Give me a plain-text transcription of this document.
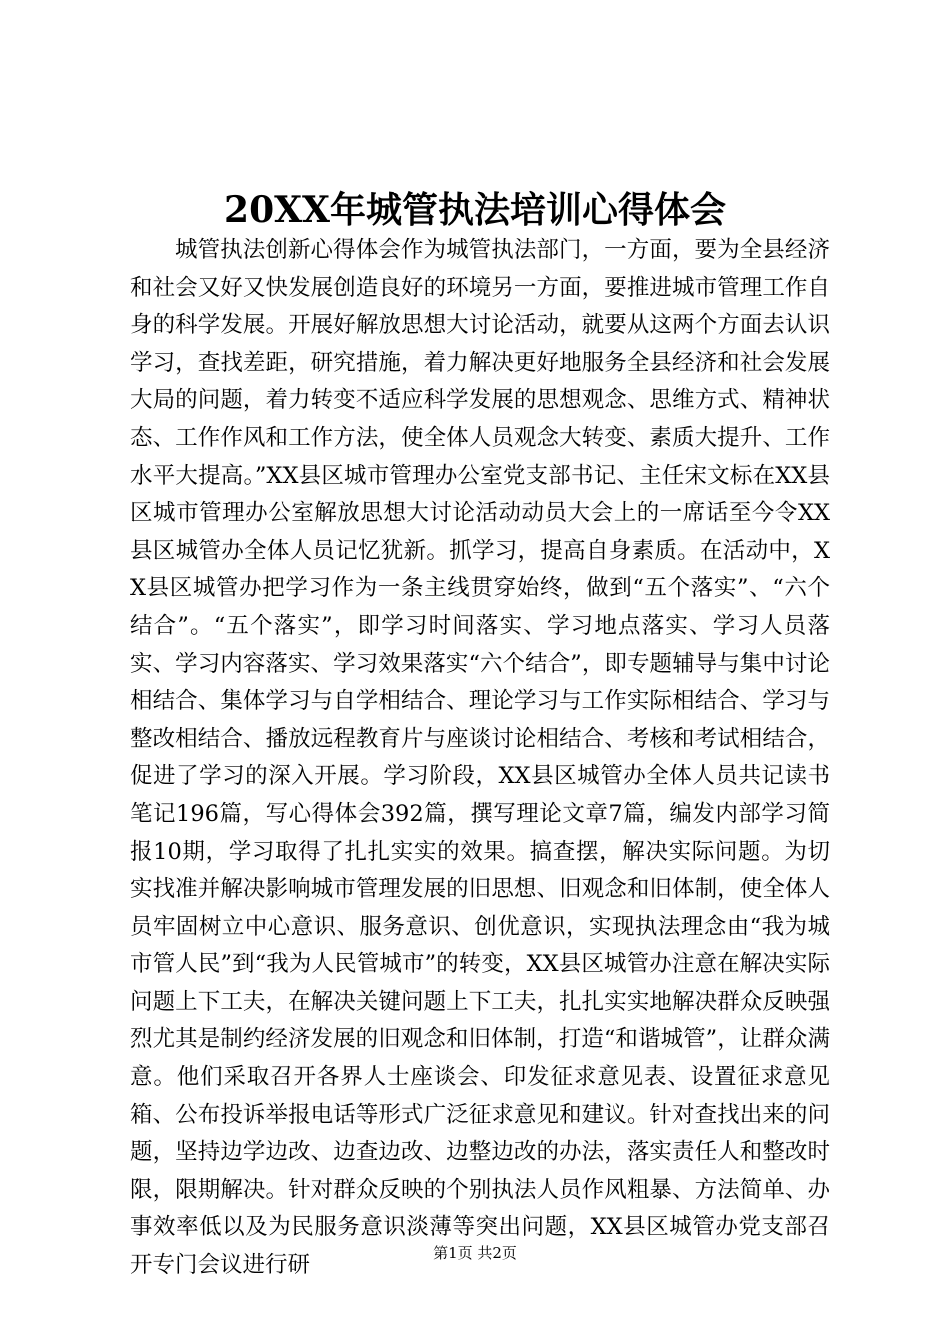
20XX年城管执法培训心得体会

城管执法创新心得体会作为城管执法部门，一方面，要为全县经济和社会又好又快发展创造良好的环境另一方面，要推进城市管理工作自身的科学发展。开展好解放思想大讨论活动，就要从这两个方面去认识学习，查找差距，研究措施，着力解决更好地服务全县经济和社会发展大局的问题，着力转变不适应科学发展的思想观念、思维方式、精神状态、工作作风和工作方法，使全体人员观念大转变、素质大提升、工作水平大提高。”XX县区城市管理办公室党支部书记、主任宋文标在XX县区城市管理办公室解放思想大讨论活动动员大会上的一席话至今令XX县区城管办全体人员记忆犹新。抓学习，提高自身素质。在活动中，XX县区城管办把学习作为一条主线贯穿始终，做到“五个落实”、“六个结合”。“五个落实”，即学习时间落实、学习地点落实、学习人员落实、学习内容落实、学习效果落实“六个结合”，即专题辅导与集中讨论相结合、集体学习与自学相结合、理论学习与工作实际相结合、学习与整改相结合、播放远程教育片与座谈讨论相结合、考核和考试相结合，促进了学习的深入开展。学习阶段，XX县区城管办全体人员共记读书笔记196篇，写心得体会392篇，撰写理论文章7篇，编发内部学习简报10期，学习取得了扎扎实实的效果。搞查摆，解决实际问题。为切实找准并解决影响城市管理发展的旧思想、旧观念和旧体制，使全体人员牢固树立中心意识、服务意识、创优意识，实现执法理念由“我为城市管人民”到“我为人民管城市”的转变，XX县区城管办注意在解决实际问题上下工夫，在解决关键问题上下工夫，扎扎实实地解决群众反映强烈尤其是制约经济发展的旧观念和旧体制，打造“和谐城管”，让群众满意。他们采取召开各界人士座谈会、印发征求意见表、设置征求意见箱、公布投诉举报电话等形式广泛征求意见和建议。针对查找出来的问题，坚持边学边改、边查边改、边整边改的办法，落实责任人和整改时限，限期解决。针对群众反映的个别执法人员作风粗暴、方法简单、办事效率低以及为民服务意识淡薄等突出问题，XX县区城管办党支部召开专门会议进行研	第1页 共2页
